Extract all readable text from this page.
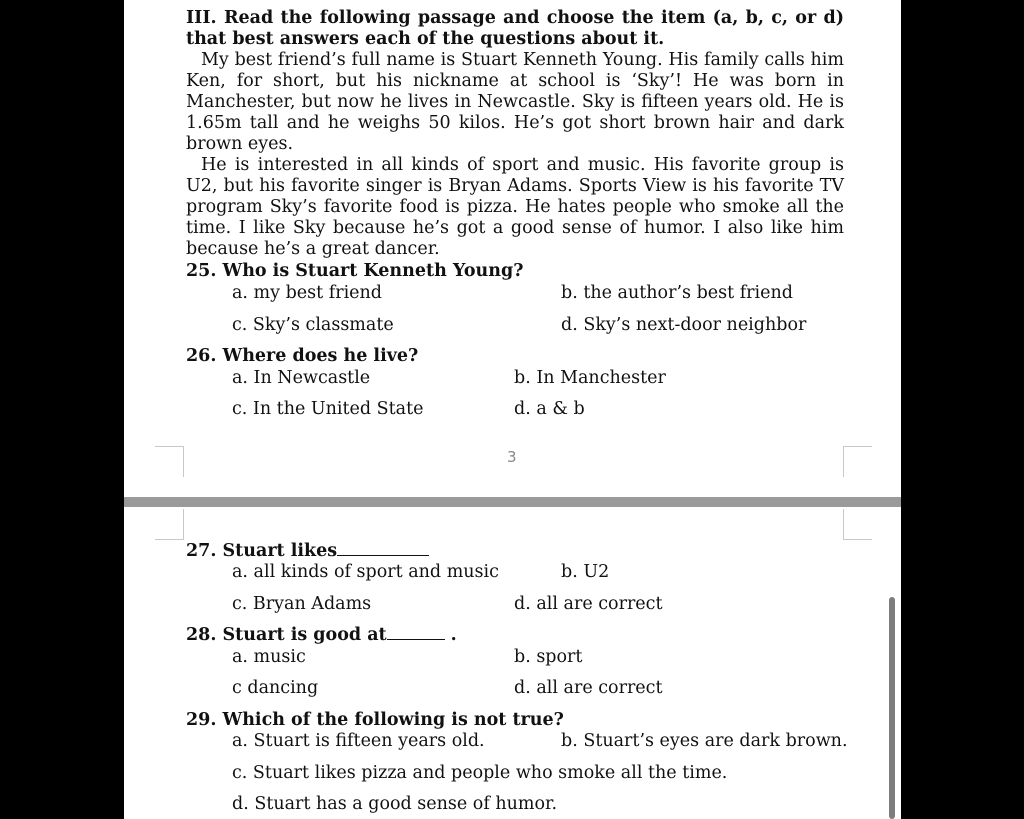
III. Read the following passage and choose the item (a, b, c, or d) that best answers each of the questions about it.
My best friend’s full name is Stuart Kenneth Young. His family calls him Ken, for short, but his nickname at school is ‘Sky’! He was born in Manchester, but now he lives in Newcastle. Sky is fifteen years old. He is 1.65m tall and he weighs 50 kilos. He’s got short brown hair and dark brown eyes.
He is interested in all kinds of sport and music. His favorite group is U2, but his favorite singer is Bryan Adams. Sports View is his favorite TV program Sky’s favorite food is pizza. He hates people who smoke all the time. I like Sky because he’s got a good sense of humor. I also like him because he’s a great dancer.
25. Who is Stuart Kenneth Young?
a. my best friend	b. the author’s best friend
c. Sky’s classmate	d. Sky’s next-door neighbor
26. Where does he live?
a. In Newcastle	b. In Manchester
c. In the United State	d. a & b
3
27. Stuart likes
a. all kinds of sport and music	b. U2
c. Bryan Adams	d. all are correct
28. Stuart is good at	.
a. music	b. sport
c dancing	d. all are correct
29. Which of the following is not true?
a. Stuart is fifteen years old.	b. Stuart’s eyes are dark brown.
c. Stuart likes pizza and people who smoke all the time.
d. Stuart has a good sense of humor.
